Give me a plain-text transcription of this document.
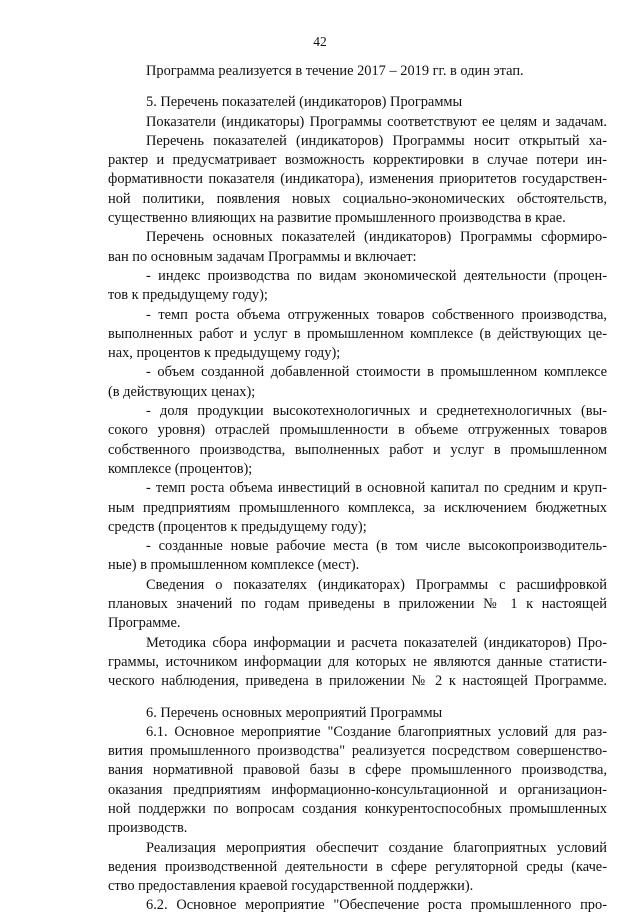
42
Программа реализуется в течение 2017 – 2019 гг. в один этап.
5. Перечень показателей (индикаторов) Программы
Показатели (индикаторы) Программы соответствуют ее целям и задачам.
Перечень показателей (индикаторов) Программы носит открытый ха-
рактер и предусматривает возможность корректировки в случае потери ин-
формативности показателя (индикатора), изменения приоритетов государствен-
ной политики, появления новых социально-экономических обстоятельств,
существенно влияющих на развитие промышленного производства в крае.
Перечень основных показателей (индикаторов) Программы сформиро-
ван по основным задачам Программы и включает:
- индекс производства по видам экономической деятельности (процен-
тов к предыдущему году);
- темп роста объема отгруженных товаров собственного производства,
выполненных работ и услуг в промышленном комплексе (в действующих це-
нах, процентов к предыдущему году);
- объем созданной добавленной стоимости в промышленном комплексе
(в действующих ценах);
- доля продукции высокотехнологичных и среднетехнологичных (вы-
сокого уровня) отраслей промышленности в объеме отгруженных товаров
собственного производства, выполненных работ и услуг в промышленном
комплексе (процентов);
- темп роста объема инвестиций в основной капитал по средним и круп-
ным предприятиям промышленного комплекса, за исключением бюджетных
средств (процентов к предыдущему году);
- созданные новые рабочие места (в том числе высокопроизводитель-
ные) в промышленном комплексе (мест).
Сведения о показателях (индикаторах) Программы с расшифровкой
плановых значений по годам приведены в приложении № 1 к настоящей
Программе.
Методика сбора информации и расчета показателей (индикаторов) Про-
граммы, источником информации для которых не являются данные статисти-
ческого наблюдения, приведена в приложении № 2 к настоящей Программе.
6. Перечень основных мероприятий Программы
6.1. Основное мероприятие "Создание благоприятных условий для раз-
вития промышленного производства" реализуется посредством совершенство-
вания нормативной правовой базы в сфере промышленного производства,
оказания предприятиям информационно-консультационной и организацион-
ной поддержки по вопросам создания конкурентоспособных промышленных
производств.
Реализация мероприятия обеспечит создание благоприятных условий
ведения производственной деятельности в сфере регуляторной среды (каче-
ство предоставления краевой государственной поддержки).
6.2. Основное мероприятие "Обеспечение роста промышленного про-
